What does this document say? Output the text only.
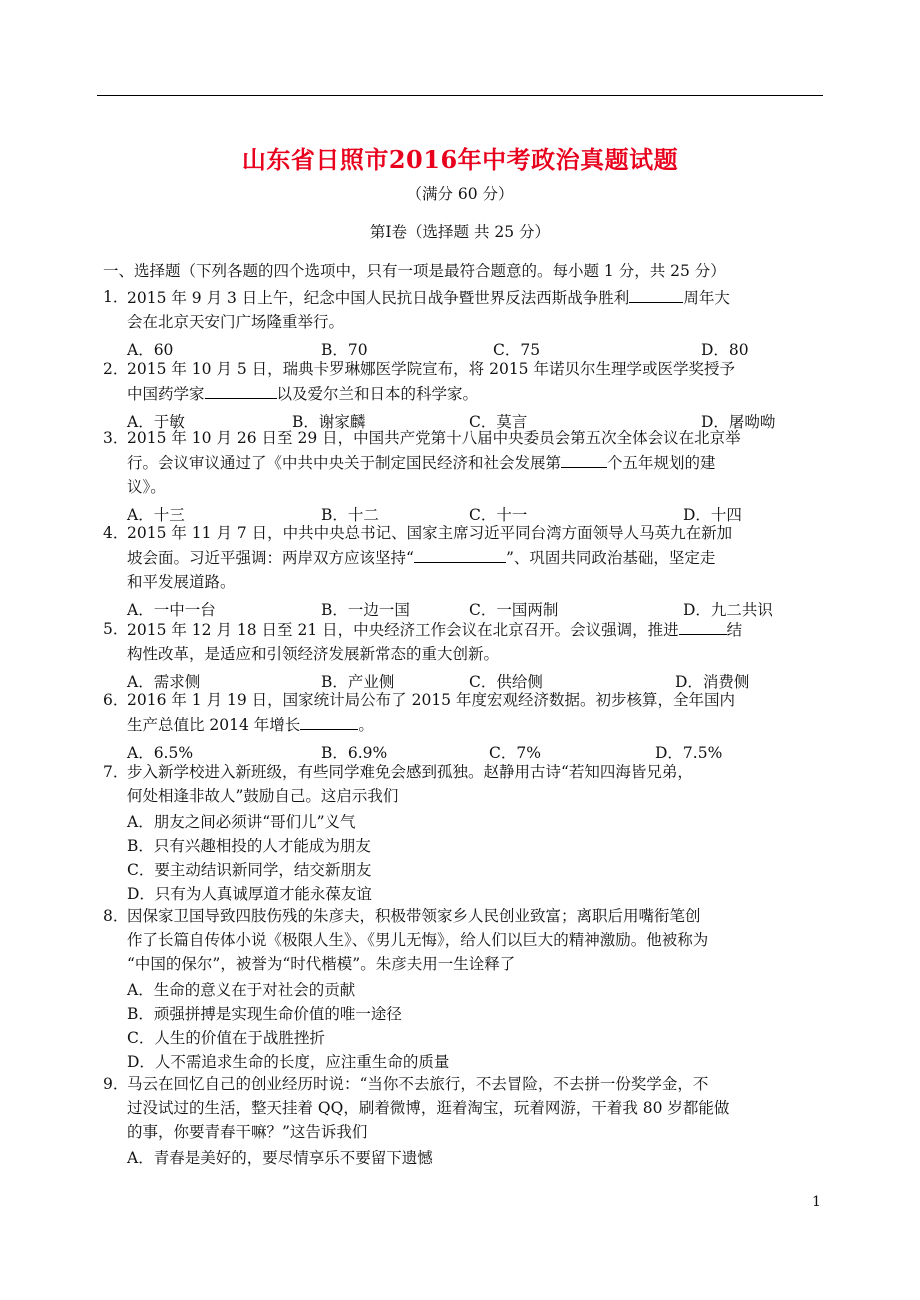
山东省日照市2016年中考政治真题试题
（满分 60 分）
第Ⅰ卷（选择题 共 25 分）
一、选择题（下列各题的四个选项中，只有一项是最符合题意的。每小题 1 分，共 25 分）
1．

2015 年 9 月 3 日上午，纪念中国人民抗日战争暨世界反法西斯战争胜利	周年大

会在北京天安门广场隆重举行。

A．60	B．70	C．75	D．80
2．

2015 年 10 月 5 日，瑞典卡罗琳娜医学院宣布，将 2015 年诺贝尔生理学或医学奖授予

中国药学家	以及爱尔兰和日本的科学家。

A．于敏	B．谢家麟	C．莫言	D．屠呦呦
3．

2015 年 10 月 26 日至 29 日，中国共产党第十八届中央委员会第五次全体会议在北京举

行。会议审议通过了《中共中央关于制定国民经济和社会发展第	个五年规划的建

议》。

A．十三	B．十二	C．十一	D．十四
4．

2015 年 11 月 7 日，中共中央总书记、国家主席习近平同台湾方面领导人马英九在新加

坡会面。习近平强调：两岸双方应该坚持“	”、巩固共同政治基础，坚定走

和平发展道路。

A．一中一台	B．一边一国	C．一国两制	D．九二共识
5．

2015 年 12 月 18 日至 21 日，中央经济工作会议在北京召开。会议强调，推进	结

构性改革，是适应和引领经济发展新常态的重大创新。

A．需求侧	B．产业侧	C．供给侧	D．消费侧
6．

2016 年 1 月 19 日，国家统计局公布了 2015 年度宏观经济数据。初步核算，全年国内

生产总值比 2014 年增长	。

A．6.5%	B．6.9%	C．7%	D．7.5%
7．

步入新学校进入新班级，有些同学难免会感到孤独。赵静用古诗“若知四海皆兄弟，

何处相逢非故人”鼓励自己。这启示我们

A．朋友之间必须讲“哥们儿”义气
B．只有兴趣相投的人才能成为朋友
C．要主动结识新同学，结交新朋友
D．只有为人真诚厚道才能永葆友谊
8．

因保家卫国导致四肢伤残的朱彦夫，积极带领家乡人民创业致富；离职后用嘴衔笔创

作了长篇自传体小说《极限人生》、《男儿无悔》，给人们以巨大的精神激励。他被称为

“中国的保尔”，被誉为“时代楷模”。朱彦夫用一生诠释了

A．生命的意义在于对社会的贡献
B．顽强拼搏是实现生命价值的唯一途径
C．人生的价值在于战胜挫折
D．人不需追求生命的长度，应注重生命的质量
9．

马云在回忆自己的创业经历时说：“当你不去旅行，不去冒险，不去拼一份奖学金，不

过没试过的生活，整天挂着 QQ，刷着微博，逛着淘宝，玩着网游，干着我 80 岁都能做

的事，你要青春干嘛？”这告诉我们

A．青春是美好的，要尽情享乐不要留下遗憾
1
